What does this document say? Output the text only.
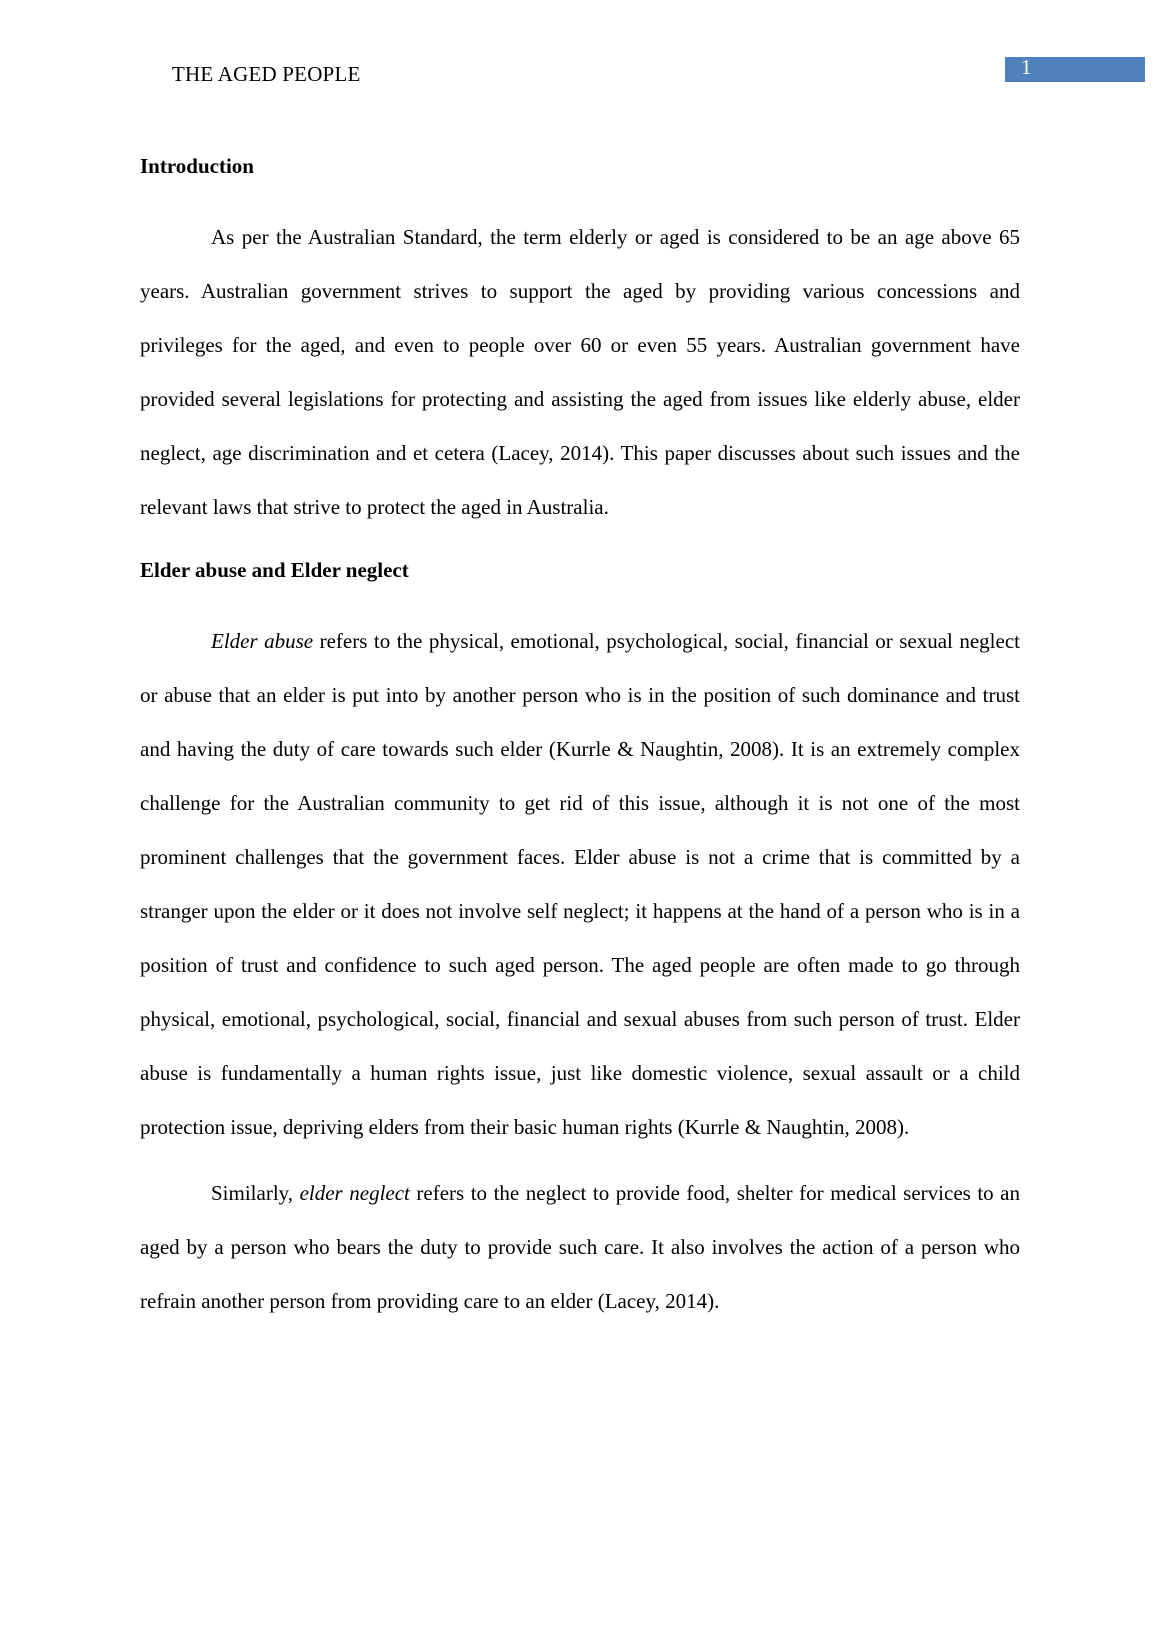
THE AGED PEOPLE	1
Introduction

As per the Australian Standard, the term elderly or aged is considered to be an age above 65 years. Australian government strives to support the aged by providing various concessions and privileges for the aged, and even to people over 60 or even 55 years. Australian government have provided several legislations for protecting and assisting the aged from issues like elderly abuse, elder neglect, age discrimination and et cetera (Lacey, 2014). This paper discusses about such issues and the relevant laws that strive to protect the aged in Australia.

Elder abuse and Elder neglect

Elder abuse refers to the physical, emotional, psychological, social, financial or sexual neglect or abuse that an elder is put into by another person who is in the position of such dominance and trust and having the duty of care towards such elder (Kurrle & Naughtin, 2008). It is an extremely complex challenge for the Australian community to get rid of this issue, although it is not one of the most prominent challenges that the government faces. Elder abuse is not a crime that is committed by a stranger upon the elder or it does not involve self neglect; it happens at the hand of a person who is in a position of trust and confidence to such aged person. The aged people are often made to go through physical, emotional, psychological, social, financial and sexual abuses from such person of trust. Elder abuse is fundamentally a human rights issue, just like domestic violence, sexual assault or a child protection issue, depriving elders from their basic human rights (Kurrle & Naughtin, 2008).

Similarly, elder neglect refers to the neglect to provide food, shelter for medical services to an aged by a person who bears the duty to provide such care. It also involves the action of a person who refrain another person from providing care to an elder (Lacey, 2014).
